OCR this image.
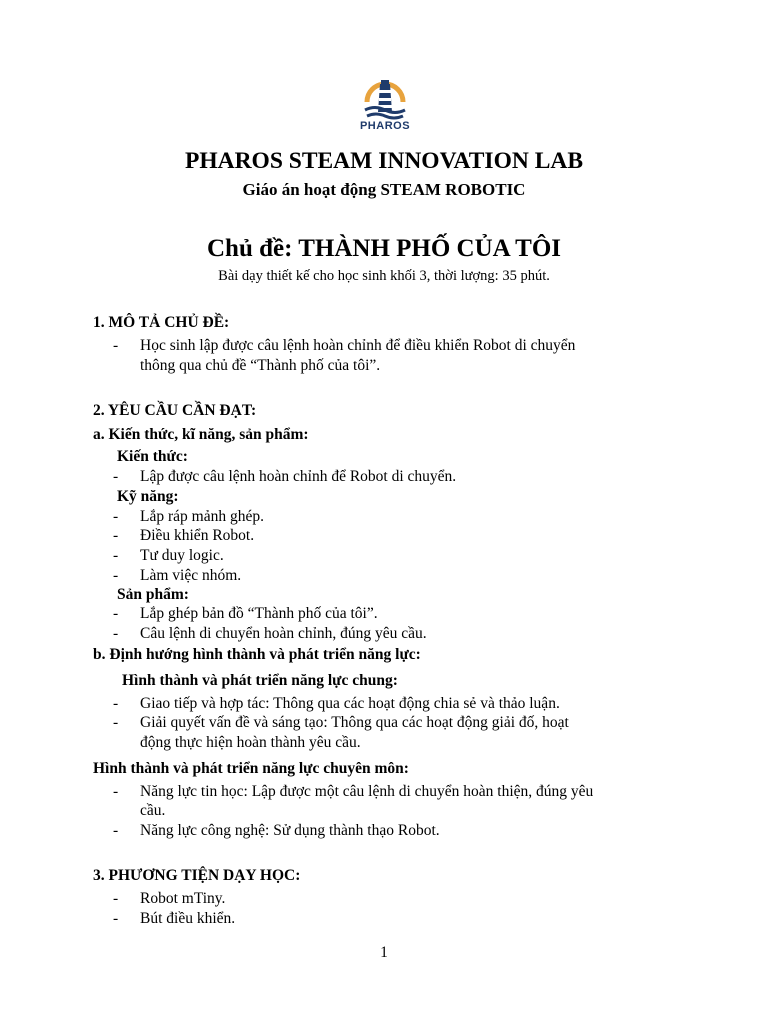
PHAROS
PHAROS STEAM INNOVATION LAB
Giáo án hoạt động STEAM ROBOTIC
Chủ đề: THÀNH PHỐ CỦA TÔI
Bài dạy thiết kế cho học sinh khối 3, thời lượng: 35 phút.
1. MÔ TẢ CHỦ ĐỀ:
- Học sinh lập được câu lệnh hoàn chỉnh để điều khiển Robot di chuyển
thông qua chủ đề “Thành phố của tôi”.
2. YÊU CẦU CẦN ĐẠT:
a. Kiến thức, kĩ năng, sản phẩm:
Kiến thức:
- Lập được câu lệnh hoàn chỉnh để Robot di chuyển.
Kỹ năng:
- Lắp ráp mảnh ghép.
- Điều khiển Robot.
- Tư duy logic.
- Làm việc nhóm.
Sản phẩm:
- Lắp ghép bản đồ “Thành phố của tôi”.
- Câu lệnh di chuyển hoàn chỉnh, đúng yêu cầu.
b. Định hướng hình thành và phát triển năng lực:
Hình thành và phát triển năng lực chung:
- Giao tiếp và hợp tác: Thông qua các hoạt động chia sẻ và thảo luận.
- Giải quyết vấn đề và sáng tạo: Thông qua các hoạt động giải đố, hoạt
động thực hiện hoàn thành yêu cầu.
Hình thành và phát triển năng lực chuyên môn:
- Năng lực tin học: Lập được một câu lệnh di chuyển hoàn thiện, đúng yêu
cầu.
- Năng lực công nghệ: Sử dụng thành thạo Robot.
3. PHƯƠNG TIỆN DẠY HỌC:
- Robot mTiny.
- Bút điều khiển.
1
